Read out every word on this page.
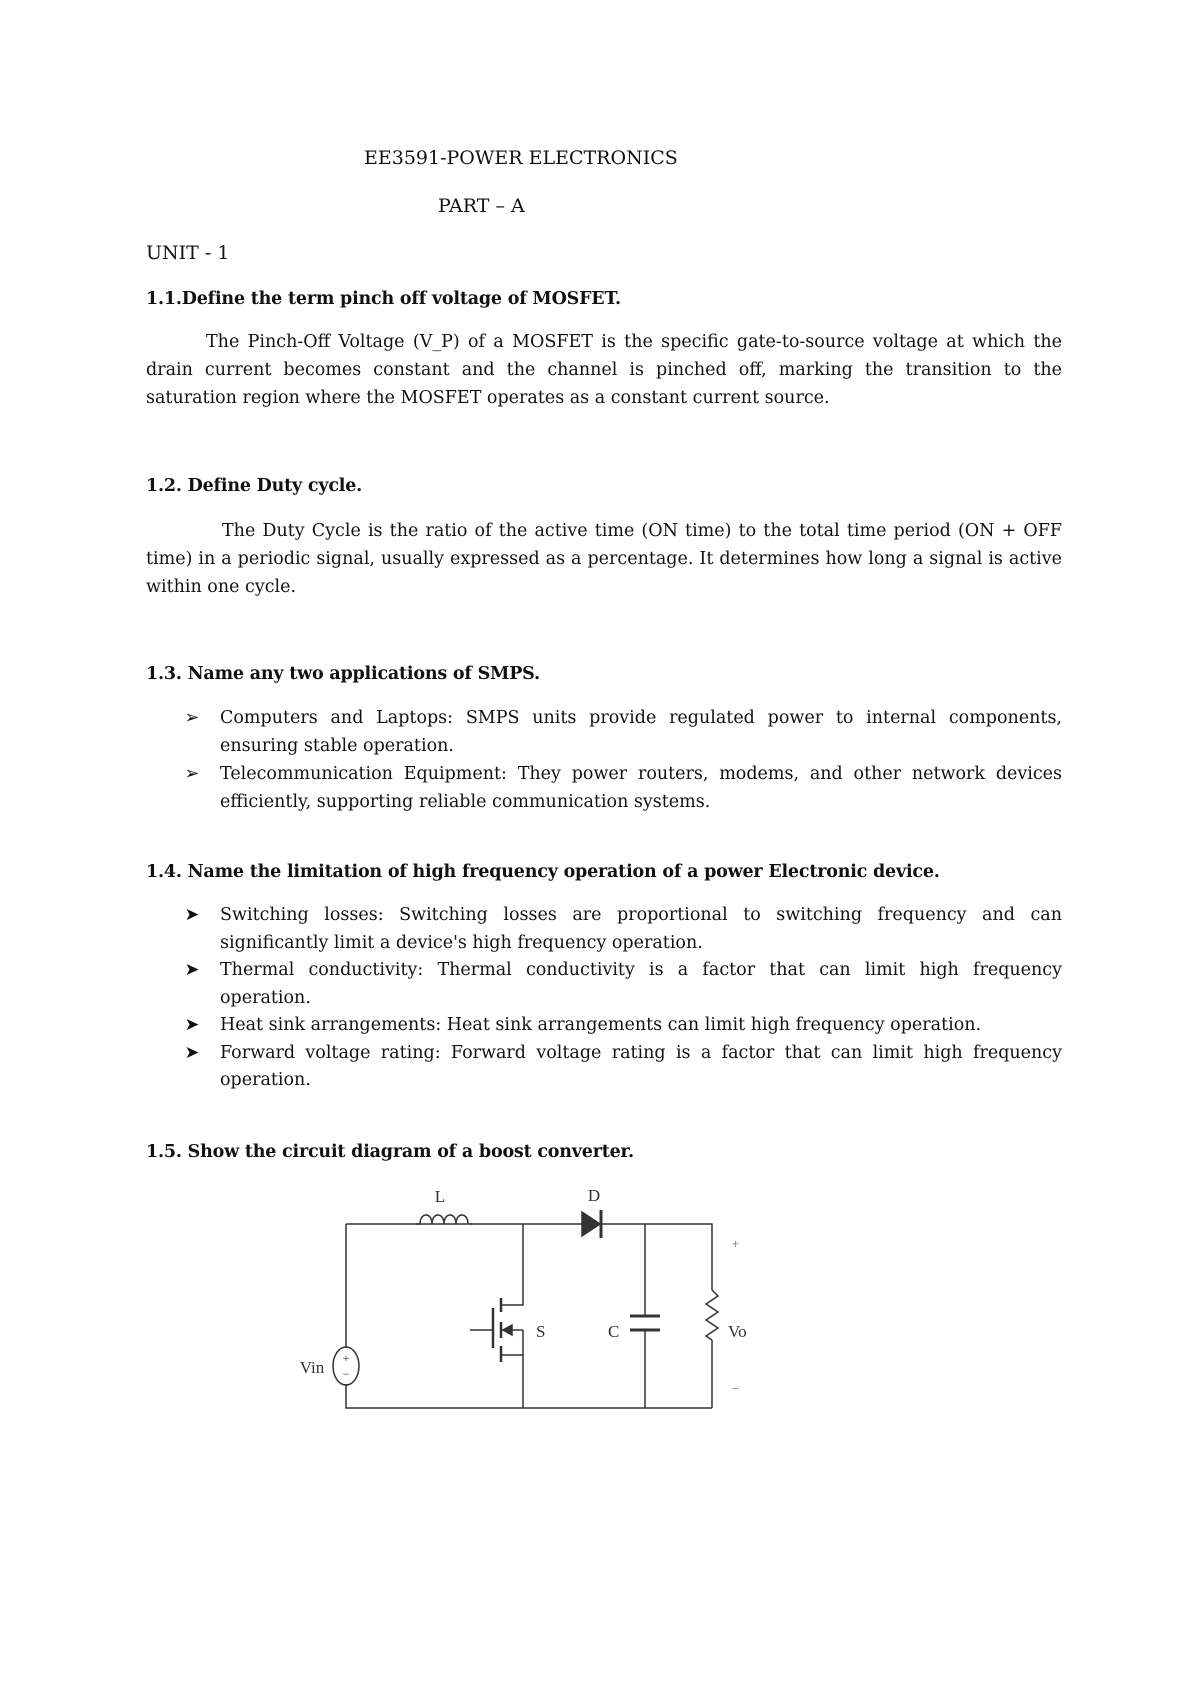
EE3591-POWER ELECTRONICS
PART – A
UNIT - 1
1.1.Define the term pinch off voltage of MOSFET.
The Pinch-Off Voltage (V_P) of a MOSFET is the specific gate-to-source voltage at which the drain current becomes constant and the channel is pinched off, marking the transition to the saturation region where the MOSFET operates as a constant current source.
1.2. Define Duty cycle.
The Duty Cycle is the ratio of the active time (ON time) to the total time period (ON + OFF time) in a periodic signal, usually expressed as a percentage. It determines how long a signal is active within one cycle.
1.3. Name any two applications of SMPS.
➢ Computers and Laptops: SMPS units provide regulated power to internal components, ensuring stable operation.
➢ Telecommunication Equipment: They power routers, modems, and other network devices efficiently, supporting reliable communication systems.
1.4. Name the limitation of high frequency operation of a power Electronic device.
➤ Switching losses: Switching losses are proportional to switching frequency and can significantly limit a device's high frequency operation.
➤ Thermal conductivity: Thermal conductivity is a factor that can limit high frequency operation.
➤ Heat sink arrangements: Heat sink arrangements can limit high frequency operation.
➤ Forward voltage rating: Forward voltage rating is a factor that can limit high frequency operation.
1.5. Show the circuit diagram of a boost converter.
L	D
+
−
Vin
S	C	Vo
+
−
